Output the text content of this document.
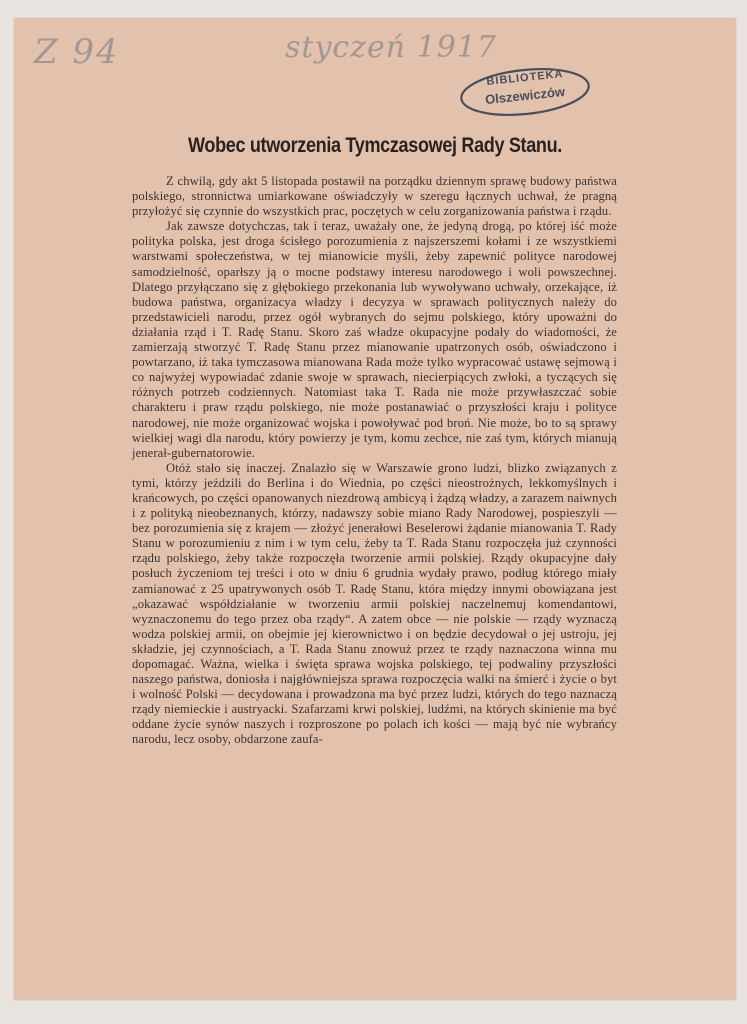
Z 94	styczeń 1917
BIBLIOTEKA
Olszewiczów
Wobec utworzenia Tymczasowej Rady Stanu.

Z chwilą, gdy akt 5 listopada postawił na porządku dziennym sprawę budowy państwa polskiego, stronnictwa umiarkowane oświadczyły w szeregu łącznych uchwał, że pragną przyłożyć się czynnie do wszystkich prac, poczętych w celu zorganizowania państwa i rządu.

Jak zawsze dotychczas, tak i teraz, uważały one, że jedyną drogą, po której iść może polityka polska, jest droga ścisłego porozumienia z najszerszemi kołami i ze wszystkiemi warstwami społeczeństwa, w tej mianowicie myśli, żeby zapewnić polityce narodowej samodzielność, oparłszy ją o mocne podstawy interesu narodowego i woli powszechnej. Dlatego przyłączano się z głębokiego przekonania lub wywoływano uchwały, orzekające, iż budowa państwa, organizacya władzy i decyzya w sprawach politycznych należy do przedstawicieli narodu, przez ogół wybranych do sejmu polskiego, który upoważni do działania rząd i T. Radę Stanu. Skoro zaś władze okupacyjne podały do wiadomości, że zamierzają stworzyć T. Radę Stanu przez mianowanie upatrzonych osób, oświadczono i powtarzano, iż taka tymczasowa mianowana Rada może tylko wypracować ustawę sejmową i co najwyżej wypowiadać zdanie swoje w sprawach, niecierpiących zwłoki, a tyczących się różnych potrzeb codziennych. Natomiast taka T. Rada nie może przywłaszczać sobie charakteru i praw rządu polskiego, nie może postanawiać o przyszłości kraju i polityce narodowej, nie może organizować wojska i powoływać pod broń. Nie może, bo to są sprawy wielkiej wagi dla narodu, który powierzy je tym, komu zechce, nie zaś tym, których mianują jenerał-gubernatorowie.

Otóż stało się inaczej. Znalazło się w Warszawie grono ludzi, blizko związanych z tymi, którzy jeździli do Berlina i do Wiednia, po części nieostrożnych, lekkomyślnych i krańcowych, po części opanowanych niezdrową ambicyą i żądzą władzy, a zarazem naiwnych i z polityką nieobeznanych, którzy, nadawszy sobie miano Rady Narodowej, pospieszyli — bez porozumienia się z krajem — złożyć jenerałowi Beselerowi żądanie mianowania T. Rady Stanu w porozumieniu z nim i w tym celu, żeby ta T. Rada Stanu rozpoczęła już czynności rządu polskiego, żeby także rozpoczęła tworzenie armii polskiej. Rządy okupacyjne dały posłuch życzeniom tej treści i oto w dniu 6 grudnia wydały prawo, podług którego miały zamianować z 25 upatrywonych osób T. Radę Stanu, która między innymi obowiązana jest „okazawać współdziałanie w tworzeniu armii polskiej naczelnemuj komendantowi, wyznaczonemu do tego przez oba rządy“. A zatem obce — nie polskie — rządy wyznaczą wodza polskiej armii, on obejmie jej kierownictwo i on będzie decydował o jej ustroju, jej składzie, jej czynnościach, a T. Rada Stanu znowuż przez te rządy naznaczona winna mu dopomagać. Ważna, wielka i święta sprawa wojska polskiego, tej podwaliny przyszłości naszego państwa, doniosła i najgłówniejsza sprawa rozpoczęcia walki na śmierć i życie o byt i wolność Polski — decydowana i prowadzona ma być przez ludzi, których do tego naznaczą rządy niemieckie i austryacki. Szafarzami krwi polskiej, ludźmi, na których skinienie ma być oddane życie synów naszych i rozproszone po polach ich kości — mają być nie wybrańcy narodu, lecz osoby, obdarzone zaufa-
